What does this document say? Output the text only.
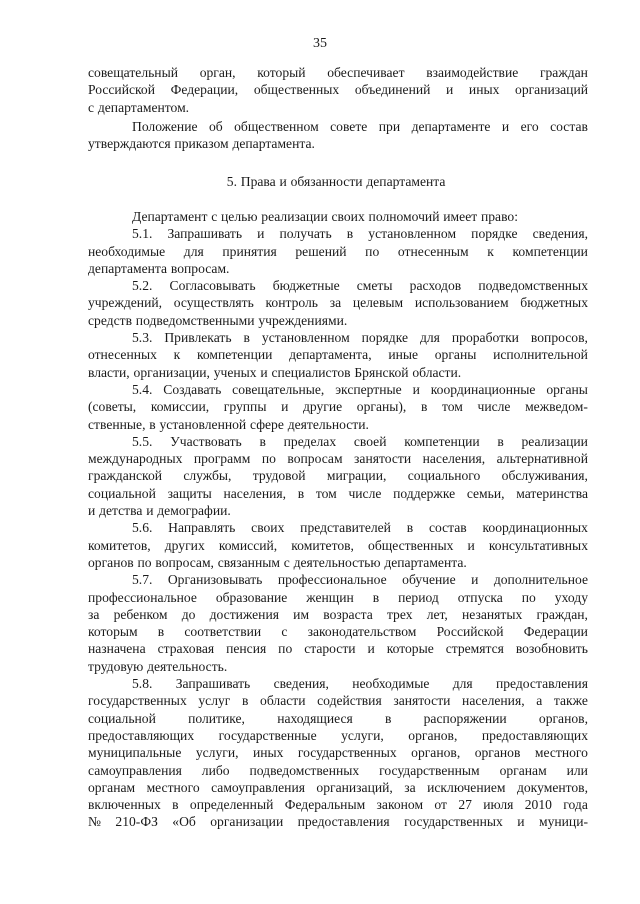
35
совещательный орган, который обеспечивает взаимодействие граждан
Российской Федерации, общественных объединений и иных организаций
с департаментом.
Положение об общественном совете при департаменте и его состав
утверждаются приказом департамента.
5. Права и обязанности департамента
Департамент с целью реализации своих полномочий имеет право:
5.1. Запрашивать и получать в установленном порядке сведения,
необходимые для принятия решений по отнесенным к компетенции
департамента вопросам.
5.2. Согласовывать бюджетные сметы расходов подведомственных
учреждений, осуществлять контроль за целевым использованием бюджетных
средств подведомственными учреждениями.
5.3. Привлекать в установленном порядке для проработки вопросов,
отнесенных к компетенции департамента, иные органы исполнительной
власти, организации, ученых и специалистов Брянской области.
5.4. Создавать совещательные, экспертные и координационные органы
(советы, комиссии, группы и другие органы), в том числе межведом-
ственные, в установленной сфере деятельности.
5.5. Участвовать в пределах своей компетенции в реализации
международных программ по вопросам занятости населения, альтернативной
гражданской службы, трудовой миграции, социального обслуживания,
социальной защиты населения, в том числе поддержке семьи, материнства
и детства и демографии.
5.6. Направлять своих представителей в состав координационных
комитетов, других комиссий, комитетов, общественных и консультативных
органов по вопросам, связанным с деятельностью департамента.
5.7. Организовывать профессиональное обучение и дополнительное
профессиональное образование женщин в период отпуска по уходу
за ребенком до достижения им возраста трех лет, незанятых граждан,
которым в соответствии с законодательством Российской Федерации
назначена страховая пенсия по старости и которые стремятся возобновить
трудовую деятельность.
5.8. Запрашивать сведения, необходимые для предоставления
государственных услуг в области содействия занятости населения, а также
социальной политике, находящиеся в распоряжении органов,
предоставляющих государственные услуги, органов, предоставляющих
муниципальные услуги, иных государственных органов, органов местного
самоуправления либо подведомственных государственным органам или
органам местного самоуправления организаций, за исключением документов,
включенных в определенный Федеральным законом от 27 июля 2010 года
№ 210-ФЗ «Об организации предоставления государственных и муници-
